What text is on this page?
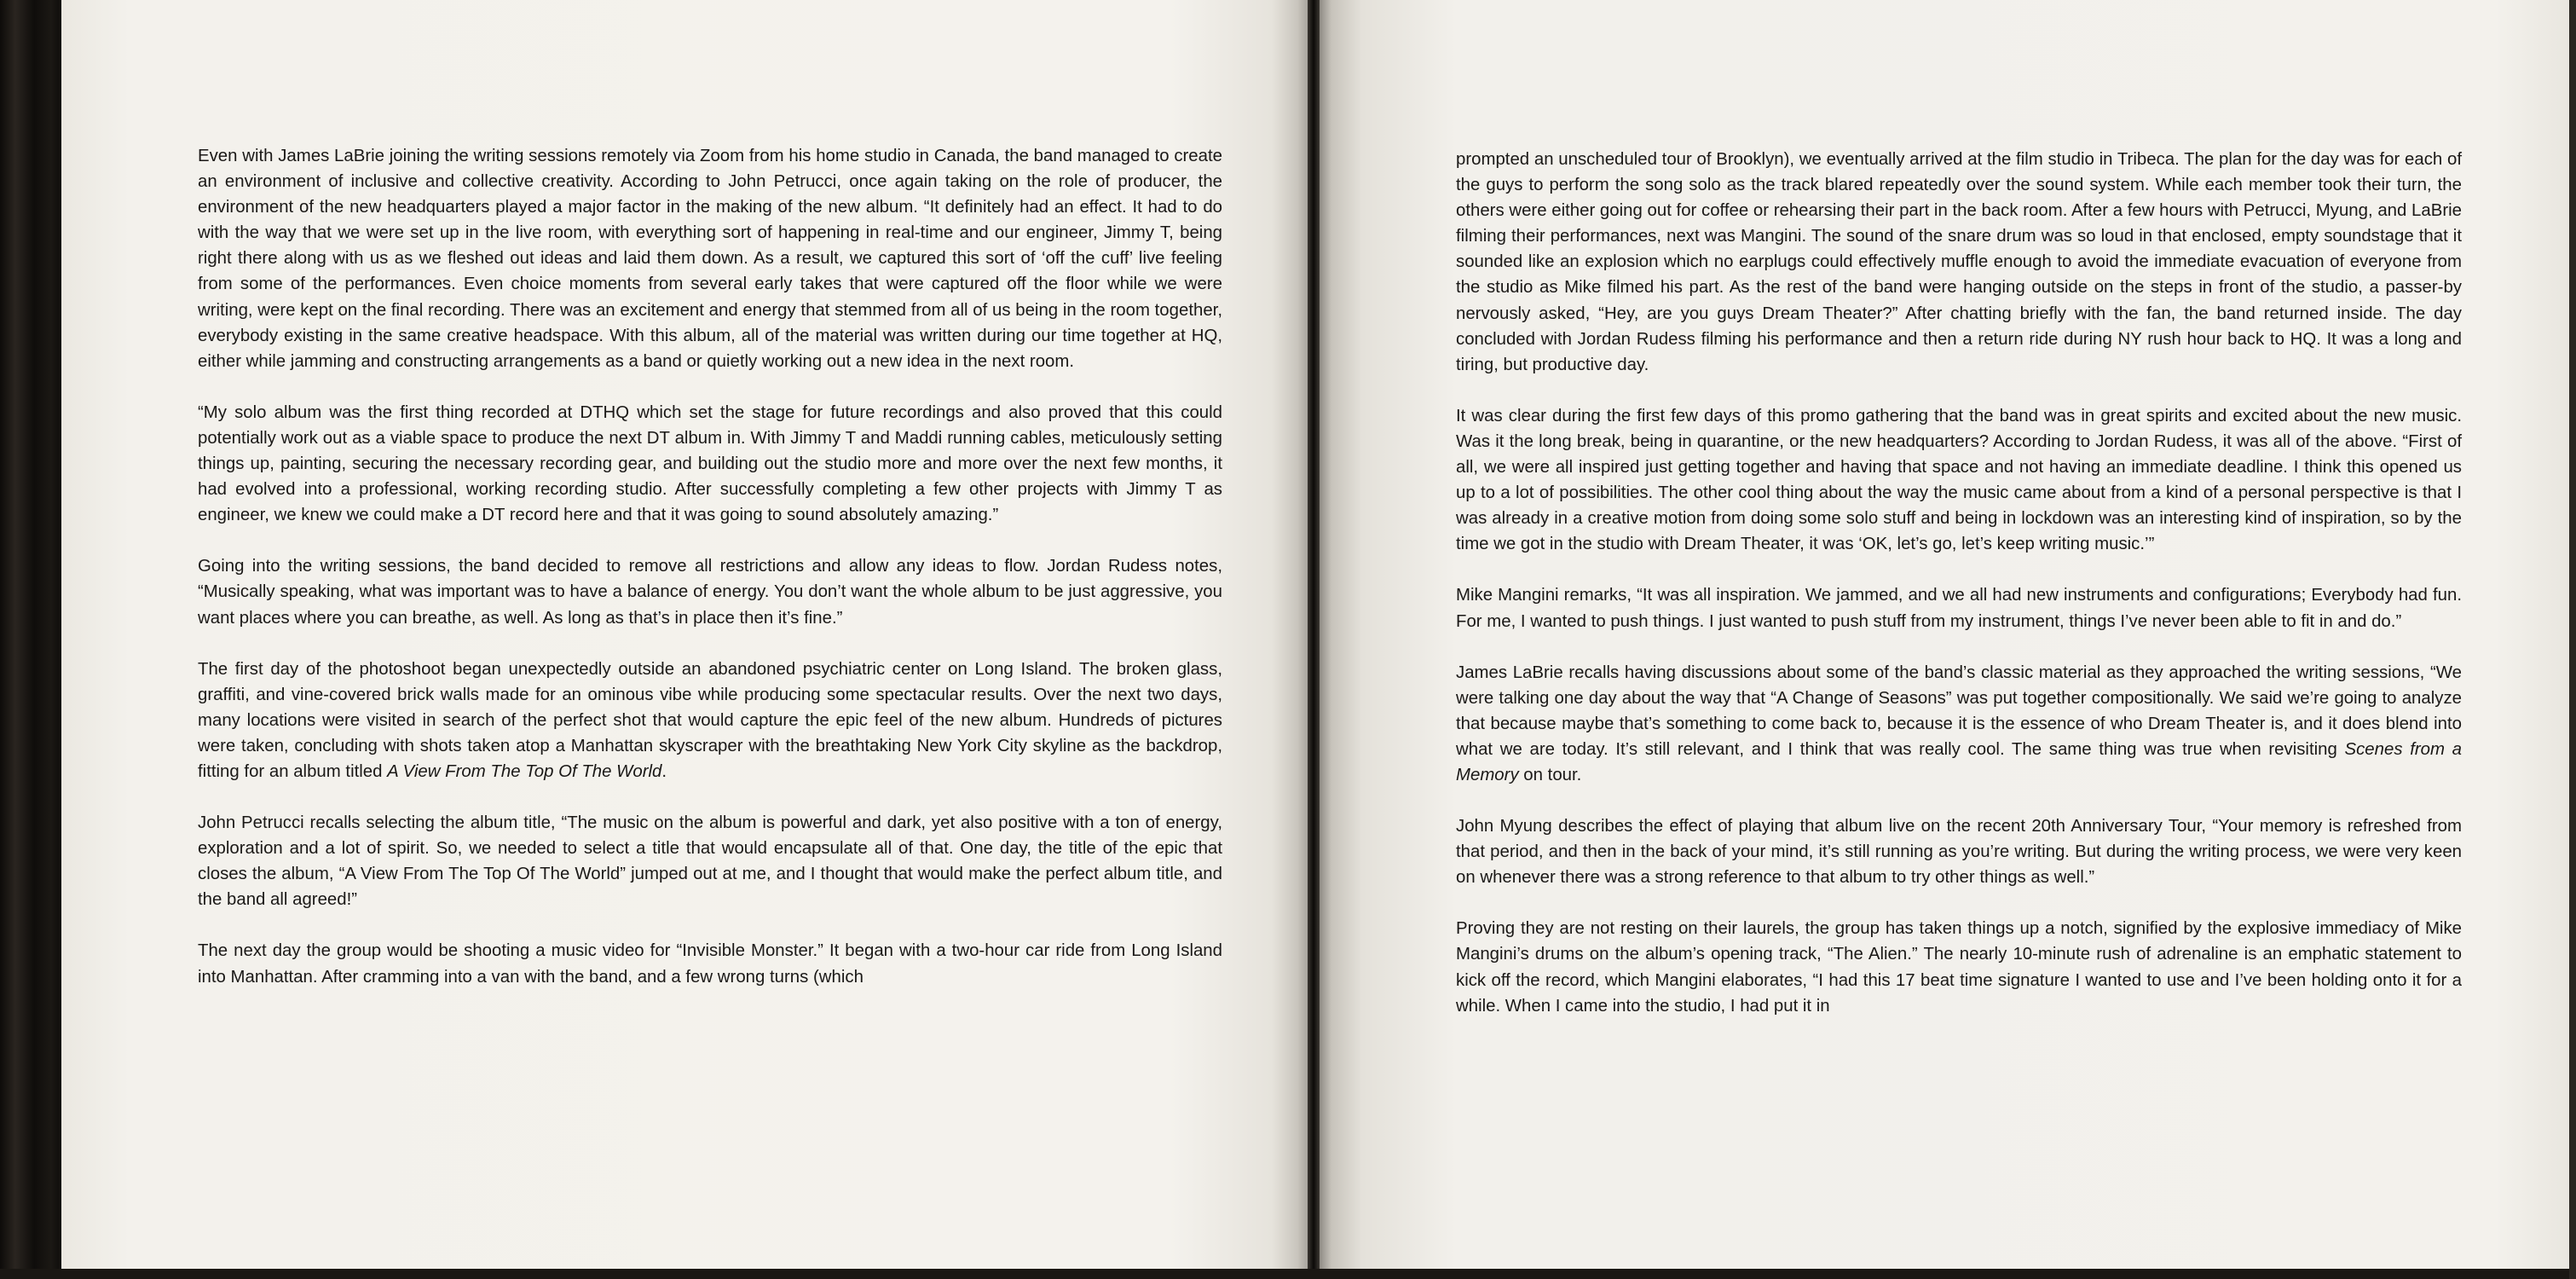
Even with James LaBrie joining the writing sessions remotely via Zoom from his home studio in Canada, the band managed to create an environment of inclusive and collective creativity. According to John Petrucci, once again taking on the role of producer, the environment of the new headquarters played a major factor in the making of the new album. “It definitely had an effect. It had to do with the way that we were set up in the live room, with everything sort of happening in real-time and our engineer, Jimmy T, being right there along with us as we fleshed out ideas and laid them down. As a result, we captured this sort of ‘off the cuff’ live feeling from some of the performances. Even choice moments from several early takes that were captured off the floor while we were writing, were kept on the final recording. There was an excitement and energy that stemmed from all of us being in the room together, everybody existing in the same creative headspace. With this album, all of the material was written during our time together at HQ, either while jamming and constructing arrangements as a band or quietly working out a new idea in the next room.

“My solo album was the first thing recorded at DTHQ which set the stage for future recordings and also proved that this could potentially work out as a viable space to produce the next DT album in. With Jimmy T and Maddi running cables, meticulously setting things up, painting, securing the necessary recording gear, and building out the studio more and more over the next few months, it had evolved into a professional, working recording studio. After successfully completing a few other projects with Jimmy T as engineer, we knew we could make a DT record here and that it was going to sound absolutely amazing.”

Going into the writing sessions, the band decided to remove all restrictions and allow any ideas to flow. Jordan Rudess notes, “Musically speaking, what was important was to have a balance of energy. You don’t want the whole album to be just aggressive, you want places where you can breathe, as well. As long as that’s in place then it’s fine.”

The first day of the photoshoot began unexpectedly outside an abandoned psychiatric center on Long Island. The broken glass, graffiti, and vine-covered brick walls made for an ominous vibe while producing some spectacular results. Over the next two days, many locations were visited in search of the perfect shot that would capture the epic feel of the new album. Hundreds of pictures were taken, concluding with shots taken atop a Manhattan skyscraper with the breathtaking New York City skyline as the backdrop, fitting for an album titled A View From The Top Of The World.

John Petrucci recalls selecting the album title, “The music on the album is powerful and dark, yet also positive with a ton of energy, exploration and a lot of spirit. So, we needed to select a title that would encapsulate all of that. One day, the title of the epic that closes the album, “A View From The Top Of The World” jumped out at me, and I thought that would make the perfect album title, and the band all agreed!”

The next day the group would be shooting a music video for “Invisible Monster.” It began with a two-hour car ride from Long Island into Manhattan. After cramming into a van with the band, and a few wrong turns (which

prompted an unscheduled tour of Brooklyn), we eventually arrived at the film studio in Tribeca. The plan for the day was for each of the guys to perform the song solo as the track blared repeatedly over the sound system. While each member took their turn, the others were either going out for coffee or rehearsing their part in the back room. After a few hours with Petrucci, Myung, and LaBrie filming their performances, next was Mangini. The sound of the snare drum was so loud in that enclosed, empty soundstage that it sounded like an explosion which no earplugs could effectively muffle enough to avoid the immediate evacuation of everyone from the studio as Mike filmed his part. As the rest of the band were hanging outside on the steps in front of the studio, a passer-by nervously asked, “Hey, are you guys Dream Theater?” After chatting briefly with the fan, the band returned inside. The day concluded with Jordan Rudess filming his performance and then a return ride during NY rush hour back to HQ. It was a long and tiring, but productive day.

It was clear during the first few days of this promo gathering that the band was in great spirits and excited about the new music. Was it the long break, being in quarantine, or the new headquarters? According to Jordan Rudess, it was all of the above. “First of all, we were all inspired just getting together and having that space and not having an immediate deadline. I think this opened us up to a lot of possibilities. The other cool thing about the way the music came about from a kind of a personal perspective is that I was already in a creative motion from doing some solo stuff and being in lockdown was an interesting kind of inspiration, so by the time we got in the studio with Dream Theater, it was ‘OK, let’s go, let’s keep writing music.’”

Mike Mangini remarks, “It was all inspiration. We jammed, and we all had new instruments and configurations; Everybody had fun. For me, I wanted to push things. I just wanted to push stuff from my instrument, things I’ve never been able to fit in and do.”

James LaBrie recalls having discussions about some of the band’s classic material as they approached the writing sessions, “We were talking one day about the way that “A Change of Seasons” was put together compositionally. We said we’re going to analyze that because maybe that’s something to come back to, because it is the essence of who Dream Theater is, and it does blend into what we are today. It’s still relevant, and I think that was really cool. The same thing was true when revisiting Scenes from a Memory on tour.

John Myung describes the effect of playing that album live on the recent 20th Anniversary Tour, “Your memory is refreshed from that period, and then in the back of your mind, it’s still running as you’re writing. But during the writing process, we were very keen on whenever there was a strong reference to that album to try other things as well.”

Proving they are not resting on their laurels, the group has taken things up a notch, signified by the explosive immediacy of Mike Mangini’s drums on the album’s opening track, “The Alien.” The nearly 10-minute rush of adrenaline is an emphatic statement to kick off the record, which Mangini elaborates, “I had this 17 beat time signature I wanted to use and I’ve been holding onto it for a while. When I came into the studio, I had put it in
